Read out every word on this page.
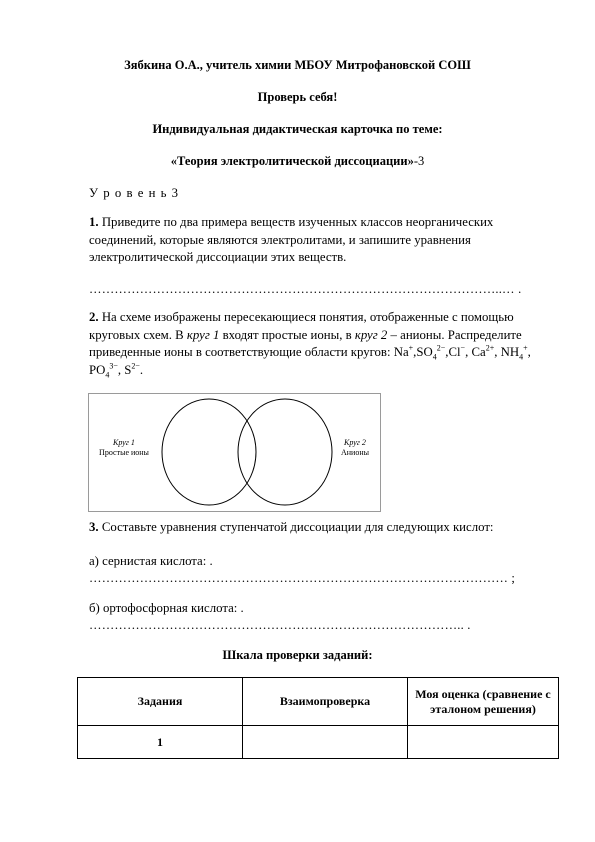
Зябкина О.А., учитель химии МБОУ Митрофановской СОШ
Проверь себя!
Индивидуальная дидактическая карточка по теме:
«Теория электролитической диссоциации»-3
У р о в е н ь 3
1. Приведите по два примера веществ изученных классов неорганических соединений, которые являются электролитами, и запишите уравнения электролитической диссоциации этих веществ.
……………………………………………………………………………………..… .
2. На схеме изображены пересекающиеся понятия, отображенные с помощью круговых схем. В круг 1 входят простые ионы, в круг 2 – анионы. Распределите приведенные ионы в соответствующие области кругов: $Na^+,SO_4^{2-},Cl^-$, $Ca^{2+}$, $NH_4^+$, $PO_4^{3-}$, $S^{2-}$.
Круг 1
Простые ионы
Круг 2
Анионы
3. Составьте уравнения ступенчатой диссоциации для следующих кислот:
а) сернистая кислота: .
……………………………………………………………………………………… ;
б) ортофосфорная кислота: .
…………………………………………………………………………….. .
Шкала проверки заданий:
Задания	Взаимопроверка	Моя оценка (сравнение с эталоном решения)
1		
